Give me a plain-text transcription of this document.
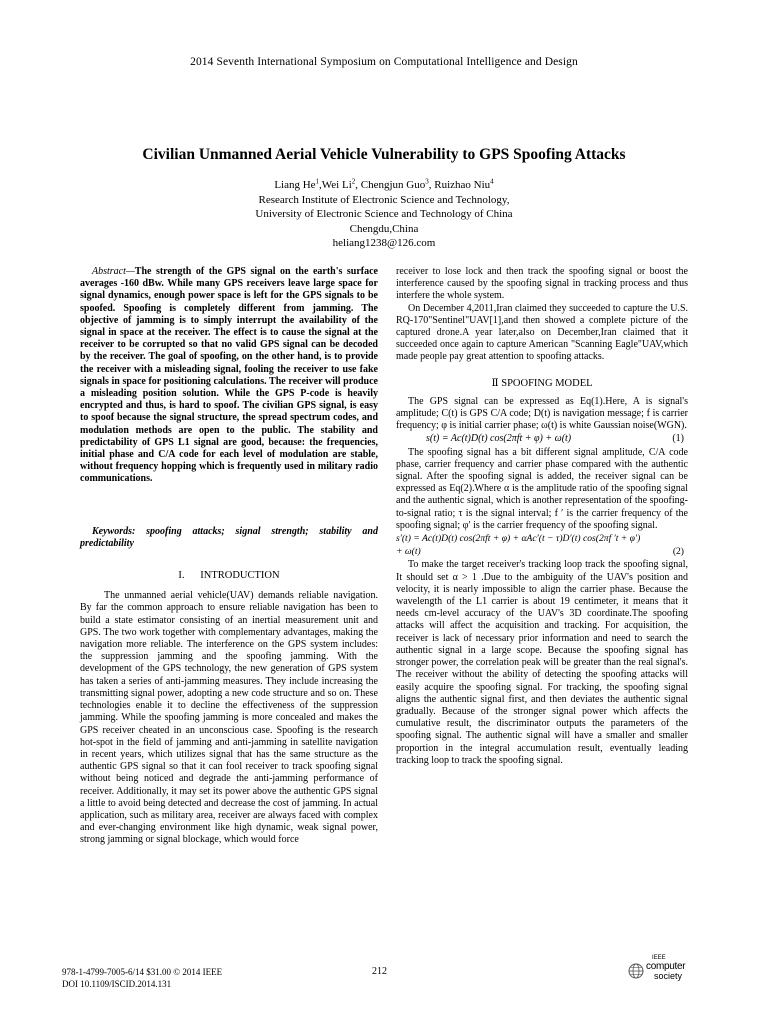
2014 Seventh International Symposium on Computational Intelligence and Design
Civilian Unmanned Aerial Vehicle Vulnerability to GPS Spoofing Attacks
Liang He$^1$,Wei Li$^2$, Chengjun Guo$^3$, Ruizhao Niu$^4$
Research Institute of Electronic Science and Technology,
University of Electronic Science and Technology of China
Chengdu,China
heliang1238@126.com

Abstract—The strength of the GPS signal on the earth's surface averages -160 dBw. While many GPS receivers leave large space for signal dynamics, enough power space is left for the GPS signals to be spoofed. Spoofing is completely different from jamming. The objective of jamming is to simply interrupt the availability of the signal in space at the receiver. The effect is to cause the signal at the receiver to be corrupted so that no valid GPS signal can be decoded by the receiver. The goal of spoofing, on the other hand, is to provide the receiver with a misleading signal, fooling the receiver to use fake signals in space for positioning calculations. The receiver will produce a misleading position solution. While the GPS P-code is heavily encrypted and thus, is hard to spoof. The civilian GPS signal, is easy to spoof because the signal structure, the spread spectrum codes, and modulation methods are open to the public. The stability and predictability of GPS L1 signal are good, because: the frequencies, initial phase and C/A code for each level of modulation are stable, without frequency hopping which is frequently used in military radio communications.

Keywords: spoofing attacks; signal strength; stability and predictability

I.      INTRODUCTION

The unmanned aerial vehicle(UAV) demands reliable navigation. By far the common approach to ensure reliable navigation has been to build a state estimator consisting of an inertial measurement unit and GPS. The two work together with complementary advantages, making the navigation more reliable. The interference on the GPS system includes: the suppression jamming and the spoofing jamming. With the development of the GPS technology, the new generation of GPS system has taken a series of anti-jamming measures. They include increasing the transmitting signal power, adopting a new code structure and so on. These technologies enable it to decline the effectiveness of the suppression jamming. While the spoofing jamming is more concealed and makes the GPS receiver cheated in an unconscious case. Spoofing is the research hot-spot in the field of jamming and anti-jamming in satellite navigation in recent years, which utilizes signal that has the same structure as the authentic GPS signal so that it can fool receiver to track spoofing signal without being noticed and degrade the anti-jamming performance of receiver. Additionally, it may set its power above the authentic GPS signal a little to avoid being detected and decrease the cost of jamming. In actual application, such as military area, receiver are always faced with complex and ever-changing environment like high dynamic, weak signal power, strong jamming or signal blockage, which would force

receiver to lose lock and then track the spoofing signal or boost the interference caused by the spoofing signal in tracking process and thus interfere the whole system.

On December 4,2011,Iran claimed they succeeded to capture the U.S. RQ-170"Sentinel"UAV[1],and then showed a complete picture of the captured drone.A year later,also on December,Iran claimed that it succeeded once again to capture American "Scanning Eagle"UAV,which made people pay great attention to spoofing attacks.

Ⅱ SPOOFING MODEL

The GPS signal can be expressed as Eq(1).Here, A is signal's amplitude; C(t) is GPS C/A code; D(t) is navigation message; f is carrier frequency; φ is initial carrier phase; ω(t) is white Gaussian noise(WGN).

s(t) = Ac(t)D(t) cos(2πft + φ) + ω(t)	(1)

The spoofing signal has a bit different signal amplitude, C/A code phase, carrier frequency and carrier phase compared with the authentic signal. After the spoofing signal is added, the receiver signal can be expressed as Eq(2).Where α is the amplitude ratio of the spoofing signal and the authentic signal, which is another representation of the spoofing-to-signal ratio; τ is the signal interval; f ′ is the carrier frequency of the spoofing signal; φ′ is the carrier frequency of the spoofing signal.

s′(t) = Ac(t)D(t) cos(2πft + φ) + αAc′(t − τ)D′(t) cos(2πf ′t + φ′)
+ ω(t)	(2)

To make the target receiver's tracking loop track the spoofing signal, It should set α > 1 .Due to the ambiguity of the UAV's position and velocity, it is nearly impossible to align the carrier phase. Because the wavelength of the L1 carrier is about 19 centimeter, it means that it needs cm-level accuracy of the UAV's 3D coordinate.The spoofing attacks will affect the acquisition and tracking. For acquisition, the receiver is lack of necessary prior information and need to search the authentic signal in a large scope. Because the spoofing signal has stronger power, the correlation peak will be greater than the real signal's. The receiver without the ability of detecting the spoofing attacks will easily acquire the spoofing signal. For tracking, the spoofing signal aligns the authentic signal first, and then deviates the authentic signal gradually. Because of the stronger signal power which affects the cumulative result, the discriminator outputs the parameters of the spoofing signal. The authentic signal will have a smaller and smaller proportion in the integral accumulation result, eventually leading tracking loop to track the spoofing signal.

978-1-4799-7005-6/14 $31.00 © 2014 IEEE
DOI 10.1109/ISCID.2014.131
212
IEEE
computer
society
